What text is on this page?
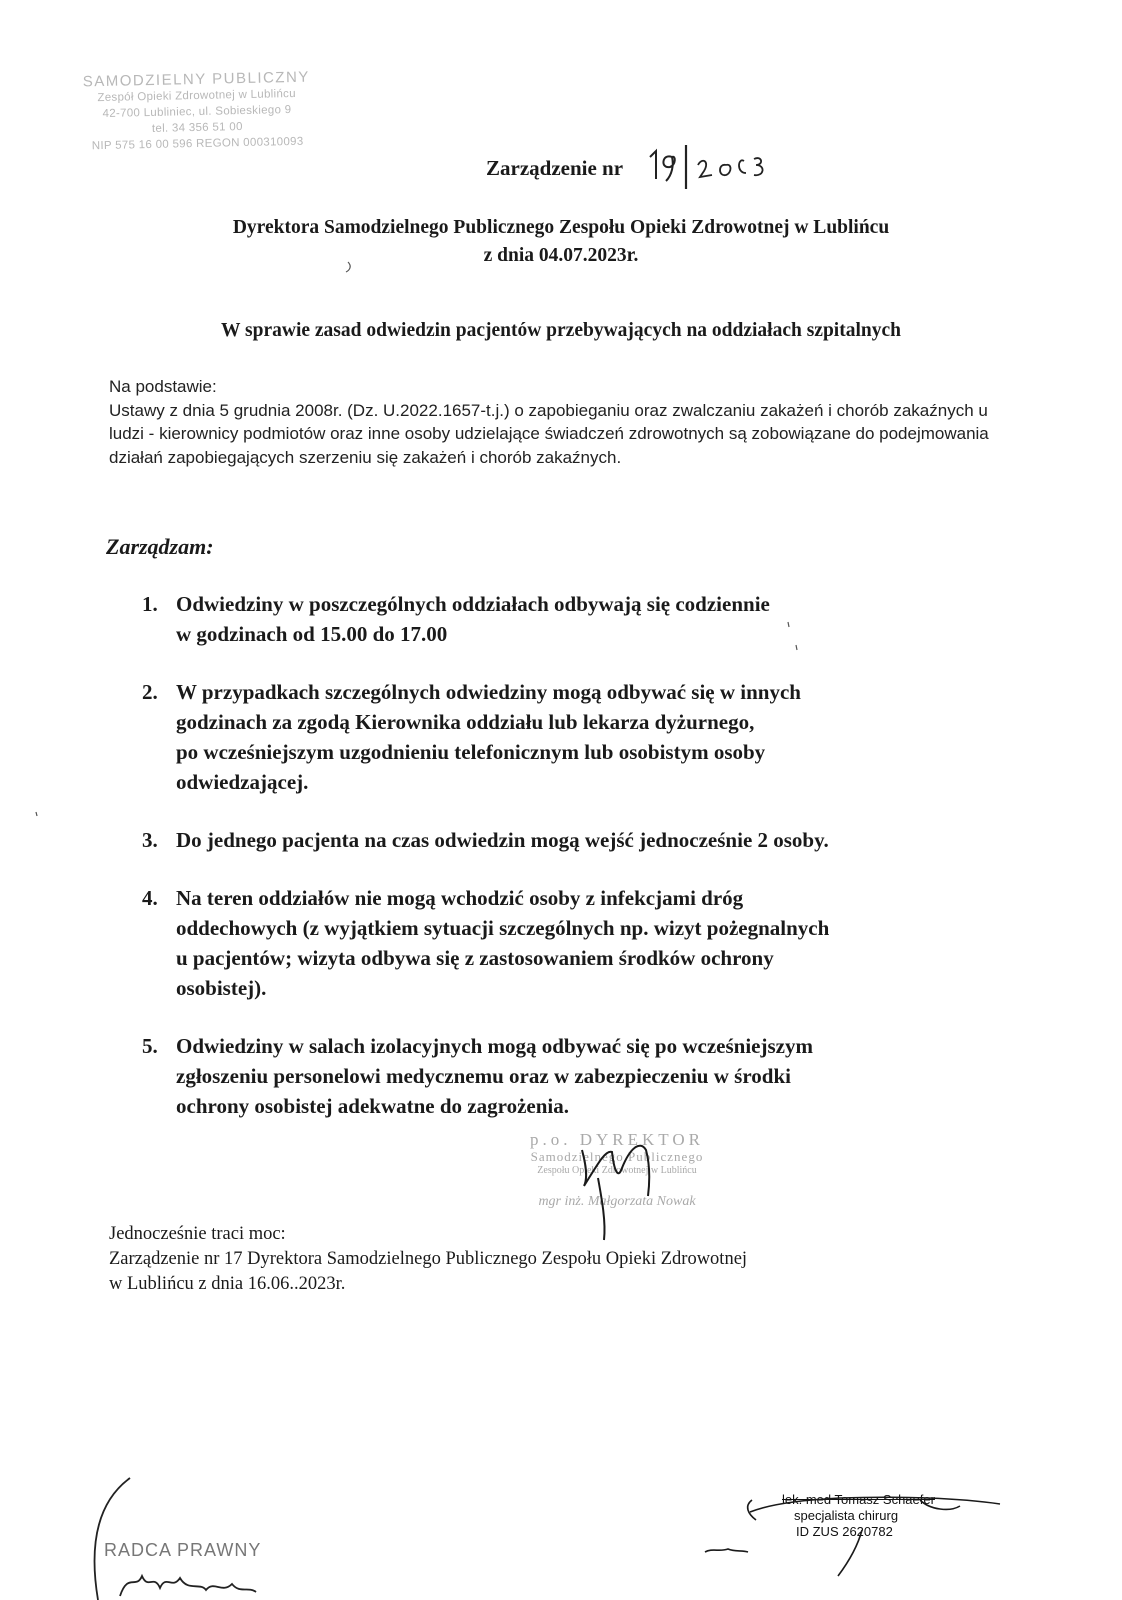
SAMODZIELNY PUBLICZNY
Zespół Opieki Zdrowotnej w Lublińcu
42-700 Lubliniec, ul. Sobieskiego 9
tel. 34 356 51 00
NIP 575 16 00 596 REGON 000310093
Zarządzenie nr
Dyrektora Samodzielnego Publicznego Zespołu Opieki Zdrowotnej w Lublińcu
z dnia 04.07.2023r.
W sprawie zasad odwiedzin pacjentów przebywających na oddziałach szpitalnych

Na podstawie:

Ustawy z dnia 5 grudnia 2008r. (Dz. U.2022.1657-t.j.) o zapobieganiu oraz zwalczaniu zakażeń i chorób zakaźnych u ludzi - kierownicy podmiotów oraz inne osoby udzielające świadczeń zdrowotnych są zobowiązane do podejmowania działań zapobiegających szerzeniu się zakażeń i chorób zakaźnych.

Zarządzam:
1. Odwiedziny w poszczególnych oddziałach odbywają się codziennie
w godzinach od 15.00 do 17.00
2. W przypadkach szczególnych odwiedziny mogą odbywać się w innych
godzinach za zgodą Kierownika oddziału lub lekarza dyżurnego,
po wcześniejszym uzgodnieniu telefonicznym lub osobistym osoby
odwiedzającej.
3. Do jednego pacjenta na czas odwiedzin mogą wejść jednocześnie 2 osoby.
4. Na teren oddziałów nie mogą wchodzić osoby z infekcjami dróg
oddechowych (z wyjątkiem sytuacji szczególnych np. wizyt pożegnalnych
u pacjentów; wizyta odbywa się z zastosowaniem środków ochrony
osobistej).
5. Odwiedziny w salach izolacyjnych mogą odbywać się po wcześniejszym
zgłoszeniu personelowi medycznemu oraz w zabezpieczeniu w środki
ochrony osobistej adekwatne do zagrożenia.

Jednocześnie traci moc:

Zarządzenie nr 17 Dyrektora Samodzielnego Publicznego Zespołu Opieki Zdrowotnej

w Lublińcu z dnia 16.06..2023r.

p.o. DYREKTOR
Samodzielnego Publicznego
Zespołu Opieki Zdrowotnej w Lublińcu
mgr inż. Małgorzata Nowak
lek. med Tomasz Schaefer
specjalista chirurg
ID ZUS 2620782
RADCA PRAWNY
